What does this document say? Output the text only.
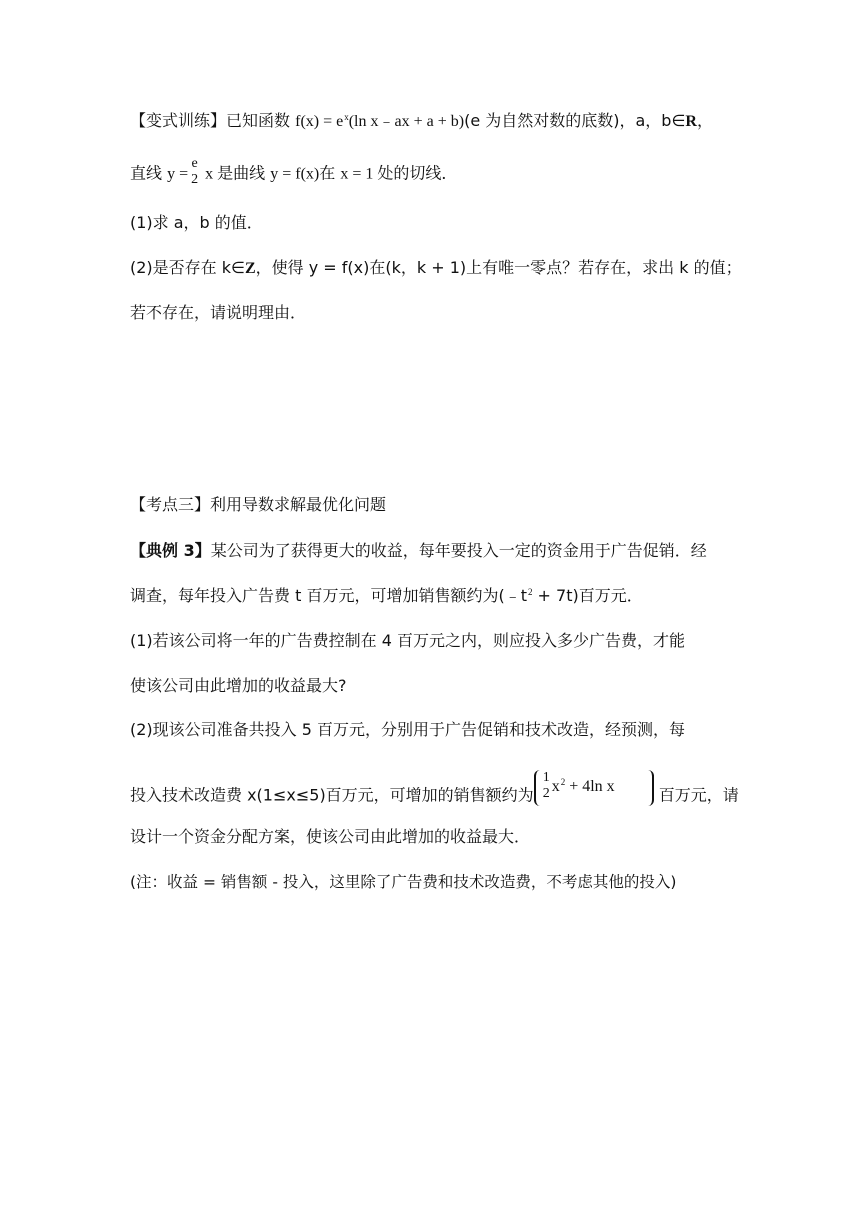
【变式训练】已知函数 $f(x) = e^x(\ln$ x﹣ax + a + b)(e 为自然对数的底数)，a，b∈R，
直线 y =
e
2 x 是曲线 y = f(x)在 x = 1 处的切线．
(1)求 a，b 的值．
(2)是否存在 k∈Z，使得 y = f(x)在(k，k + 1)上有唯一零点？若存在，求出 k 的值；
若不存在，请说明理由．
【考点三】利用导数求解最优化问题
【典例 3】某公司为了获得更大的收益，每年要投入一定的资金用于广告促销．经
调查，每年投入广告费 t 百万元，可增加销售额约为$(﹣t^2 + 7t)$百万元．
(1)若该公司将一年的广告费控制在 4 百万元之内，则应投入多少广告费，才能
使该公司由此增加的收益最大?
(2)现该公司准备共投入 5 百万元，分别用于广告促销和技术改造，经预测，每
投入技术改造费 x(1≤x≤5)百万元，可增加的销售额约为
1
2 $x^2 + 4\ln$ x	百万元，请
设计一个资金分配方案，使该公司由此增加的收益最大．
(注：收益 = 销售额 - 投入，这里除了广告费和技术改造费，不考虑其他的投入)
